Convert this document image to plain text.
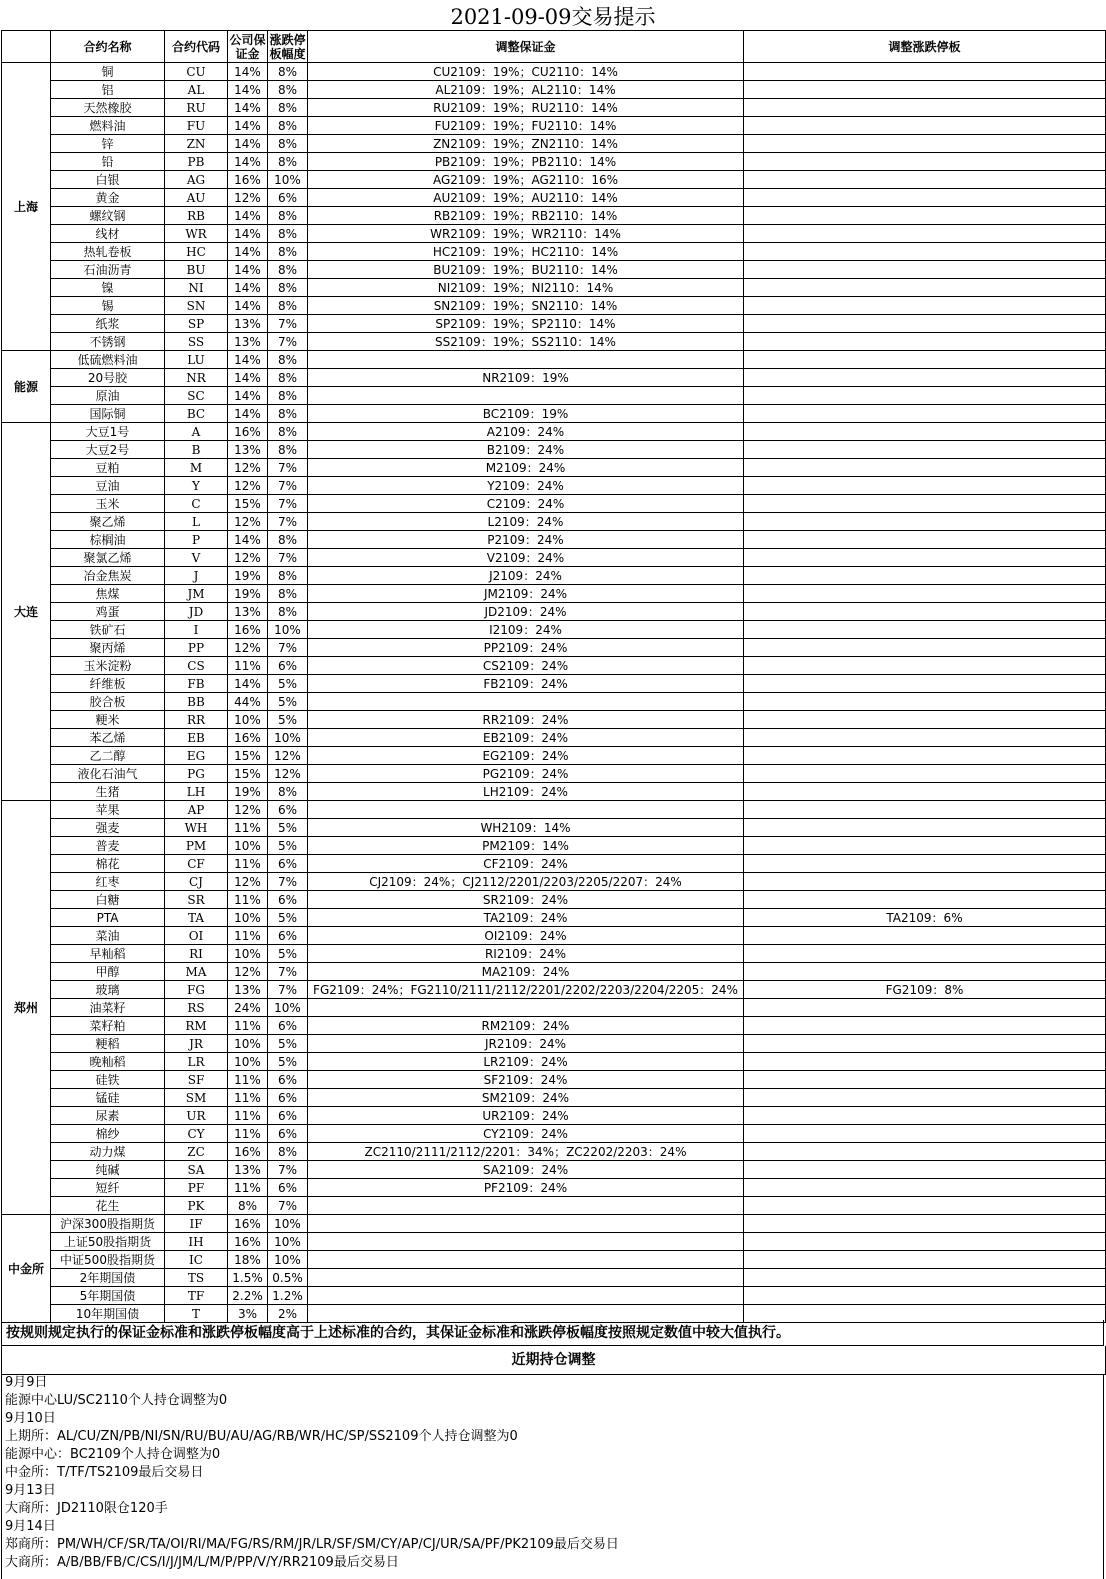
2021-09-09交易提示
	合约名称	合约代码	公司保证金	涨跌停板幅度	调整保证金	调整涨跌停板
上海	铜	CU	14%	8%	CU2109：19%；CU2110：14%	
	铝	AL	14%	8%	AL2109：19%；AL2110：14%	
	天然橡胶	RU	14%	8%	RU2109：19%；RU2110：14%	
	燃料油	FU	14%	8%	FU2109：19%；FU2110：14%	
	锌	ZN	14%	8%	ZN2109：19%；ZN2110：14%	
	铅	PB	14%	8%	PB2109：19%；PB2110：14%	
	白银	AG	16%	10%	AG2109：19%；AG2110：16%	
	黄金	AU	12%	6%	AU2109：19%；AU2110：14%	
	螺纹钢	RB	14%	8%	RB2109：19%；RB2110：14%	
	线材	WR	14%	8%	WR2109：19%；WR2110：14%	
	热轧卷板	HC	14%	8%	HC2109：19%；HC2110：14%	
	石油沥青	BU	14%	8%	BU2109：19%；BU2110：14%	
	镍	NI	14%	8%	NI2109：19%；NI2110：14%	
	锡	SN	14%	8%	SN2109：19%；SN2110：14%	
	纸浆	SP	13%	7%	SP2109：19%；SP2110：14%	
	不锈钢	SS	13%	7%	SS2109：19%；SS2110：14%	
能源	低硫燃料油	LU	14%	8%		
	20号胶	NR	14%	8%	NR2109：19%	
	原油	SC	14%	8%		
	国际铜	BC	14%	8%	BC2109：19%	
大连	大豆1号	A	16%	8%	A2109：24%	
	大豆2号	B	13%	8%	B2109：24%	
	豆粕	M	12%	7%	M2109：24%	
	豆油	Y	12%	7%	Y2109：24%	
	玉米	C	15%	7%	C2109：24%	
	聚乙烯	L	12%	7%	L2109：24%	
	棕榈油	P	14%	8%	P2109：24%	
	聚氯乙烯	V	12%	7%	V2109：24%	
	冶金焦炭	J	19%	8%	J2109：24%	
	焦煤	JM	19%	8%	JM2109：24%	
	鸡蛋	JD	13%	8%	JD2109：24%	
	铁矿石	I	16%	10%	I2109：24%	
	聚丙烯	PP	12%	7%	PP2109：24%	
	玉米淀粉	CS	11%	6%	CS2109：24%	
	纤维板	FB	14%	5%	FB2109：24%	
	胶合板	BB	44%	5%		
	粳米	RR	10%	5%	RR2109：24%	
	苯乙烯	EB	16%	10%	EB2109：24%	
	乙二醇	EG	15%	12%	EG2109：24%	
	液化石油气	PG	15%	12%	PG2109：24%	
	生猪	LH	19%	8%	LH2109：24%	
郑州	苹果	AP	12%	6%		
	强麦	WH	11%	5%	WH2109：14%	
	普麦	PM	10%	5%	PM2109：14%	
	棉花	CF	11%	6%	CF2109：24%	
	红枣	CJ	12%	7%	CJ2109：24%；CJ2112/2201/2203/2205/2207：24%	
	白糖	SR	11%	6%	SR2109：24%	
	PTA	TA	10%	5%	TA2109：24%	TA2109：6%
	菜油	OI	11%	6%	OI2109：24%	
	早籼稻	RI	10%	5%	RI2109：24%	
	甲醇	MA	12%	7%	MA2109：24%	
	玻璃	FG	13%	7%	FG2109：24%；FG2110/2111/2112/2201/2202/2203/2204/2205：24%	FG2109：8%
	油菜籽	RS	24%	10%		
	菜籽粕	RM	11%	6%	RM2109：24%	
	粳稻	JR	10%	5%	JR2109：24%	
	晚籼稻	LR	10%	5%	LR2109：24%	
	硅铁	SF	11%	6%	SF2109：24%	
	锰硅	SM	11%	6%	SM2109：24%	
	尿素	UR	11%	6%	UR2109：24%	
	棉纱	CY	11%	6%	CY2109：24%	
	动力煤	ZC	16%	8%	ZC2110/2111/2112/2201：34%；ZC2202/2203：24%	
	纯碱	SA	13%	7%	SA2109：24%	
	短纤	PF	11%	6%	PF2109：24%	
	花生	PK	8%	7%		
中金所	沪深300股指期货	IF	16%	10%		
	上证50股指期货	IH	16%	10%		
	中证500股指期货	IC	18%	10%		
	2年期国债	TS	1.5%	0.5%		
	5年期国债	TF	2.2%	1.2%		
	10年期国债	T	3%	2%		
按规则规定执行的保证金标准和涨跌停板幅度高于上述标准的合约，其保证金标准和涨跌停板幅度按照规定数值中较大值执行。
近期持仓调整
9月9日
能源中心LU/SC2110个人持仓调整为0
9月10日
上期所：AL/CU/ZN/PB/NI/SN/RU/BU/AU/AG/RB/WR/HC/SP/SS2109个人持仓调整为0
能源中心：BC2109个人持仓调整为0
中金所：T/TF/TS2109最后交易日
9月13日
大商所：JD2110限仓120手
9月14日
郑商所：PM/WH/CF/SR/TA/OI/RI/MA/FG/RS/RM/JR/LR/SF/SM/CY/AP/CJ/UR/SA/PF/PK2109最后交易日
大商所：A/B/BB/FB/C/CS/I/J/JM/L/M/P/PP/V/Y/RR2109最后交易日
